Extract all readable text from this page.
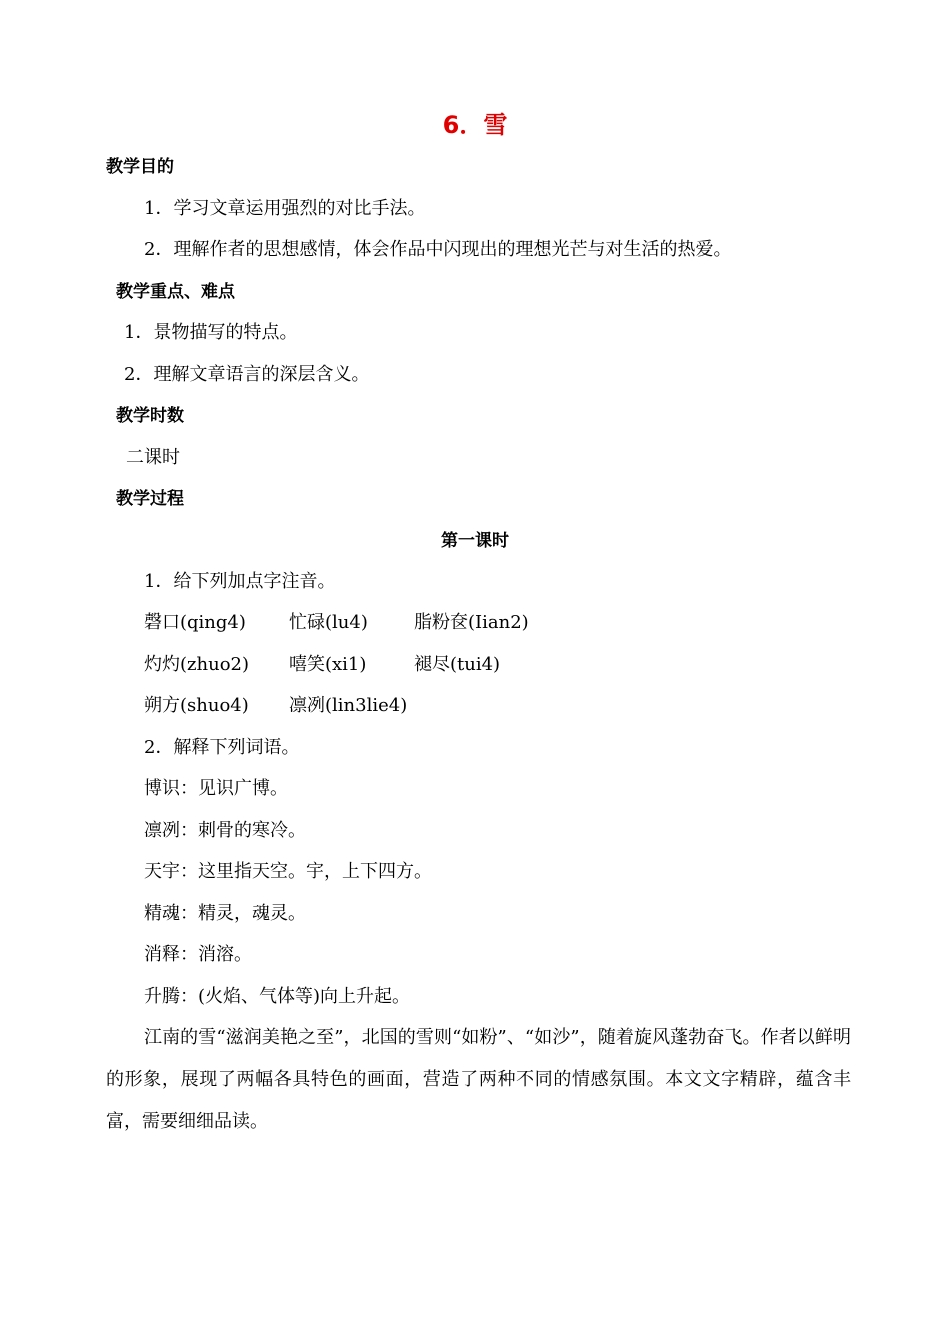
6．雪
教学目的
1．学习文章运用强烈的对比手法。
2．理解作者的思想感情，体会作品中闪现出的理想光芒与对生活的热爱。
教学重点、难点
1．景物描写的特点。
2．理解文章语言的深层含义。
教学时数
二课时
教学过程
第一课时
1．给下列加点字注音。
磬口(qing4) 忙碌(lu4)	脂粉奁(Iian2)
灼灼(zhuo2) 嘻笑(xi1)	褪尽(tui4)
朔方(shuo4) 凛冽(lin3lie4)
2．解释下列词语。
博识：见识广博。
凛冽：刺骨的寒冷。
天宇：这里指天空。宇，上下四方。
精魂：精灵，魂灵。
消释：消溶。
升腾：(火焰、气体等)向上升起。
江南的雪“滋润美艳之至”，北国的雪则“如粉”、“如沙”，随着旋风蓬勃奋飞。作者以鲜明的形象，展现了两幅各具特色的画面，营造了两种不同的情感氛围。本文文字精辟，蕴含丰富，需要细细品读。
